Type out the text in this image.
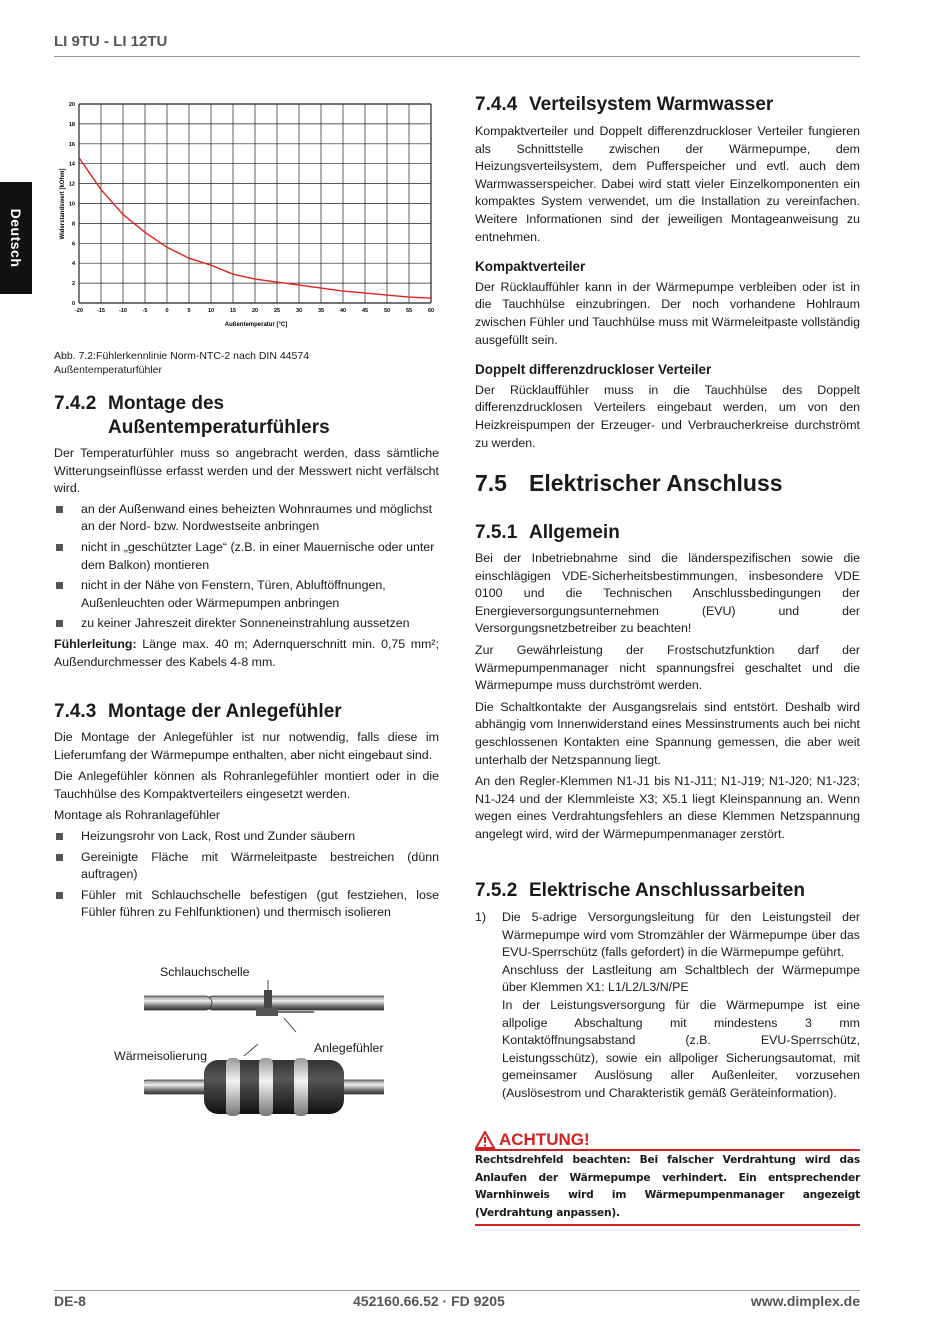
LI 9TU - LI 12TU
Deutsch
-20	-15	-10	-5	0	5	10	15	20	25	30	35	40	45	50	55	60
0
2
4
6
8
10
12
14
16
18
20
Außentemperatur [°C]
Widerstandswert [kOhm]
Abb. 7.2:Fühlerkennlinie Norm-NTC-2 nach DIN 44574
Außentemperaturfühler
7.4.2 Montage des
Außentemperaturfühlers

Der Temperaturfühler muss so angebracht werden, dass sämtliche Witterungseinflüsse erfasst werden und der Messwert nicht verfälscht wird.

an der Außenwand eines beheizten Wohnraumes und möglichst an der Nord- bzw. Nordwestseite anbringen
nicht in „geschützter Lage“ (z.B. in einer Mauernische oder unter dem Balkon) montieren
nicht in der Nähe von Fenstern, Türen, Abluftöffnungen, Außenleuchten oder Wärmepumpen anbringen
zu keiner Jahreszeit direkter Sonneneinstrahlung aussetzen

Fühlerleitung: Länge max. 40 m; Adernquerschnitt min. 0,75 mm²; Außendurchmesser des Kabels 4-8 mm.

7.4.3 Montage der Anlegefühler

Die Montage der Anlegefühler ist nur notwendig, falls diese im Lieferumfang der Wärmepumpe enthalten, aber nicht eingebaut sind.

Die Anlegefühler können als Rohranlegefühler montiert oder in die Tauchhülse des Kompaktverteilers eingesetzt werden.

Montage als Rohranlagefühler

Heizungsrohr von Lack, Rost und Zunder säubern
Gereinigte Fläche mit Wärmeleitpaste bestreichen (dünn auftragen)
Fühler mit Schlauchschelle befestigen (gut festziehen, lose Fühler führen zu Fehlfunktionen) und thermisch isolieren
Schlauchschelle
Anlegefühler
Wärmeisolierung
7.4.4 Verteilsystem Warmwasser

Kompaktverteiler und Doppelt differenzdruckloser Verteiler fungieren als Schnittstelle zwischen der Wärmepumpe, dem Heizungsverteilsystem, dem Pufferspeicher und evtl. auch dem Warmwasserspeicher. Dabei wird statt vieler Einzelkomponenten ein kompaktes System verwendet, um die Installation zu vereinfachen. Weitere Informationen sind der jeweiligen Montageanweisung zu entnehmen.

Kompaktverteiler

Der Rücklauffühler kann in der Wärmepumpe verbleiben oder ist in die Tauchhülse einzubringen. Der noch vorhandene Hohlraum zwischen Fühler und Tauchhülse muss mit Wärmeleitpaste vollständig ausgefüllt sein.

Doppelt differenzdruckloser Verteiler

Der Rücklauffühler muss in die Tauchhülse des Doppelt differenzdrucklosen Verteilers eingebaut werden, um von den Heizkreispumpen der Erzeuger- und Verbraucherkreise durchströmt zu werden.

7.5 Elektrischer Anschluss
7.5.1 Allgemein

Bei der Inbetriebnahme sind die länderspezifischen sowie die einschlägigen VDE-Sicherheitsbestimmungen, insbesondere VDE 0100 und die Technischen Anschlussbedingungen der Energieversorgungsunternehmen (EVU) und der Versorgungsnetzbetreiber zu beachten!

Zur Gewährleistung der Frostschutzfunktion darf der Wärmepumpenmanager nicht spannungsfrei geschaltet und die Wärmepumpe muss durchströmt werden.

Die Schaltkontakte der Ausgangsrelais sind entstört. Deshalb wird abhängig vom Innenwiderstand eines Messinstruments auch bei nicht geschlossenen Kontakten eine Spannung gemessen, die aber weit unterhalb der Netzspannung liegt.

An den Regler-Klemmen N1-J1 bis N1-J11; N1-J19; N1-J20; N1-J23; N1-J24 und der Klemmleiste X3; X5.1 liegt Kleinspannung an. Wenn wegen eines Verdrahtungsfehlers an diese Klemmen Netzspannung angelegt wird, wird der Wärmepumpenmanager zerstört.

7.5.2 Elektrische Anschlussarbeiten
1) Die 5-adrige Versorgungsleitung für den Leistungsteil der Wärmepumpe wird vom Stromzähler der Wärmepumpe über das EVU-Sperrschütz (falls gefordert) in die Wärmepumpe geführt.

Anschluss der Lastleitung am Schaltblech der Wärmepumpe über Klemmen X1: L1/L2/L3/N/PE

In der Leistungsversorgung für die Wärmepumpe ist eine allpolige Abschaltung mit mindestens 3 mm Kontaktöffnungsabstand (z.B. EVU-Sperrschütz, Leistungsschütz), sowie ein allpoliger Sicherungsautomat, mit gemeinsamer Auslösung aller Außenleiter, vorzusehen (Auslösestrom und Charakteristik gemäß Geräteinformation).

ACHTUNG!

Rechtsdrehfeld beachten: Bei falscher Verdrahtung wird das Anlaufen der Wärmepumpe verhindert. Ein entsprechender Warnhinweis wird im Wärmepumpenmanager angezeigt (Verdrahtung anpassen).

DE-8	452160.66.52 · FD 9205	www.dimplex.de
